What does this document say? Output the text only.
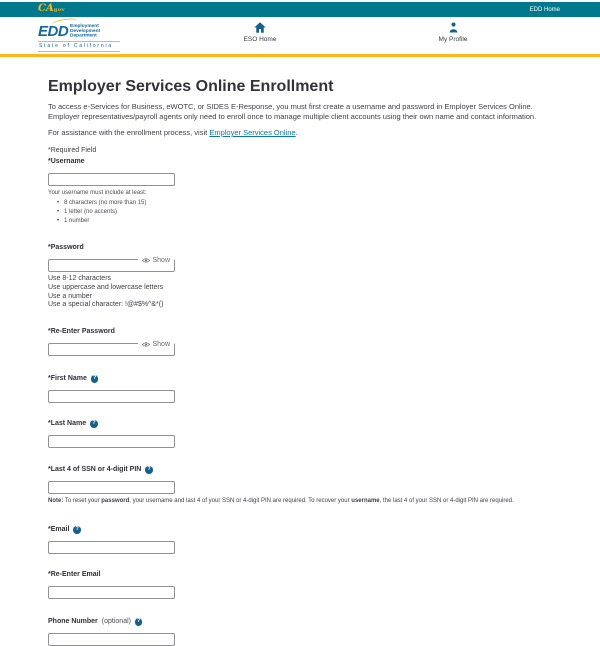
CAgov	EDD Home
EDD Employment
Development
Department
State of California
ESO Home	My Profile
Employer Services Online Enrollment

To access e-Services for Business, eWOTC, or SIDES E-Response, you must first create a username and password in Employer Services Online. Employer representatives/payroll agents only need to enroll once to manage multiple client accounts using their own name and contact information.

For assistance with the enrollment process, visit Employer Services Online.

*Required Field
*Username
Your username must include at least:
• 8 characters (no more than 15)
• 1 letter (no accents)
• 1 number
*Password
Show
Use 8-12 characters
Use uppercase and lowercase letters
Use a number
Use a special character: !@#$%^&*()
*Re-Enter Password
Show
*First Name	?
*Last Name	?
*Last 4 of SSN or 4-digit PIN	?
Note: To reset your password, your username and last 4 of your SSN or 4-digit PIN are required. To recover your username, the last 4 of your SSN or 4-digit PIN are required.
*Email	?
*Re-Enter Email
Phone Number (optional)	?
